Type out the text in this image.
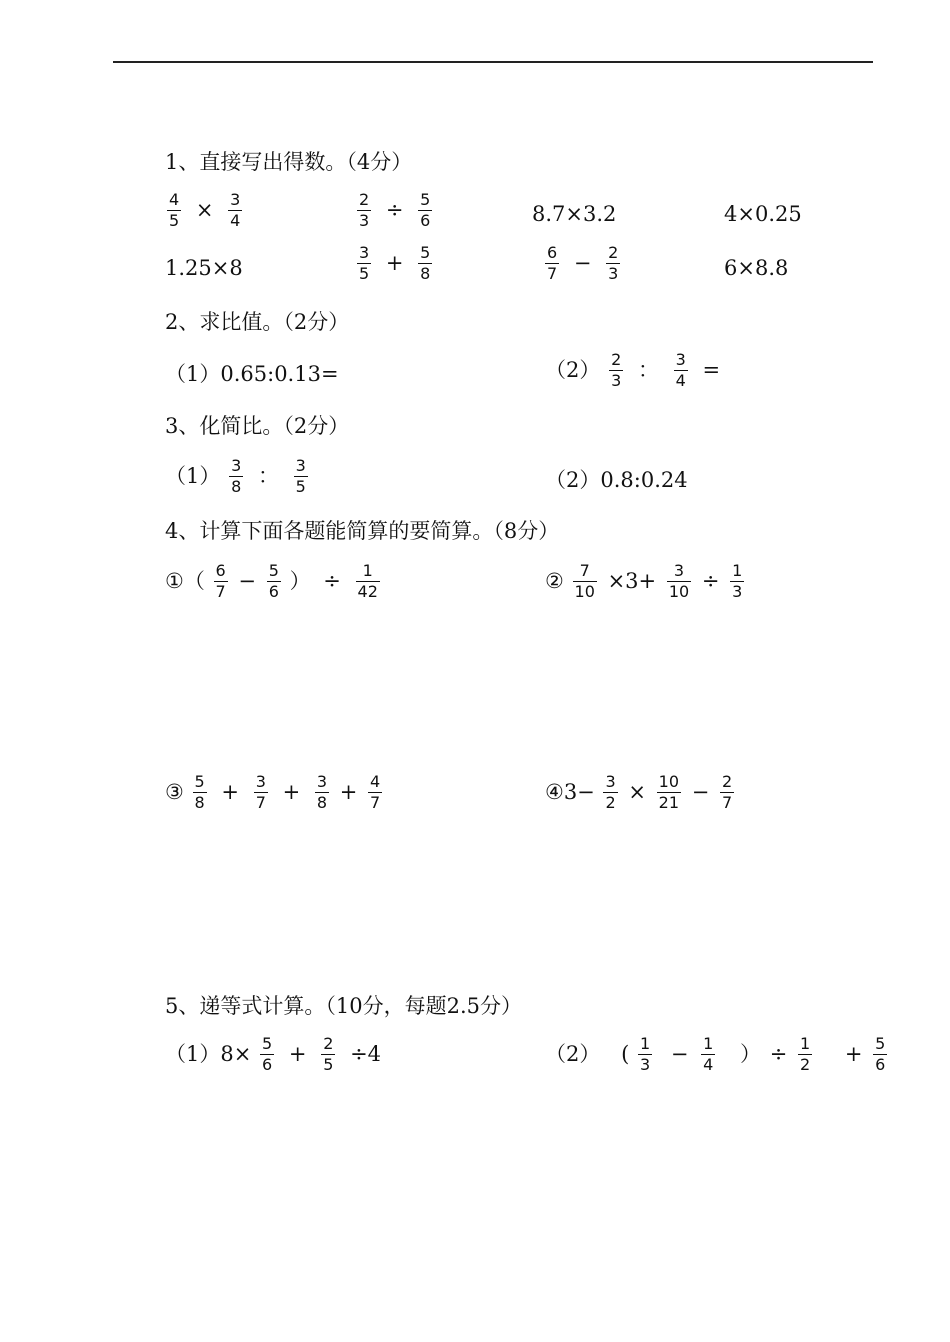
1、直接写出得数。（4分）
$\frac{4}{5} \times \frac{3}{4}$	$\frac{2}{3} \div \frac{5}{6}$	8.7×3.2	4×0.25
1.25×8	$\frac{3}{5} + \frac{5}{8}$	$\frac{6}{7} - \frac{2}{3}$	6×8.8
2、求比值。（2分）
（1）0.65:0.13=	$(2) \frac{2}{3}$ ： $\frac{3}{4}$ =
3、化简比。（2分）
$(1) \frac{3}{8}$ ： $\frac{3}{5}$	（2）0.8:0.24
4、计算下面各题能简算的要简算。（8分）
①（ $\frac{6}{7} - \frac{5}{6}$ ） ÷ $\frac{1}{42}$	② $\frac{7}{10} \times 3+ \frac{3}{10} \div \frac{1}{3}$
③ $\frac{5}{8} + \frac{3}{7} + \frac{3}{8} + \frac{4}{7}$	④3− $\frac{3}{2} \times \frac{10}{21} - \frac{2}{7}$
5、递等式计算。（10分，每题2.5分）
$(1)8\times \frac{5}{6} + \frac{2}{5} \div 4$	（2） ( $\frac{1}{3} - \frac{1}{4}$ ） ÷ $\frac{1}{2} + \frac{5}{6}$
